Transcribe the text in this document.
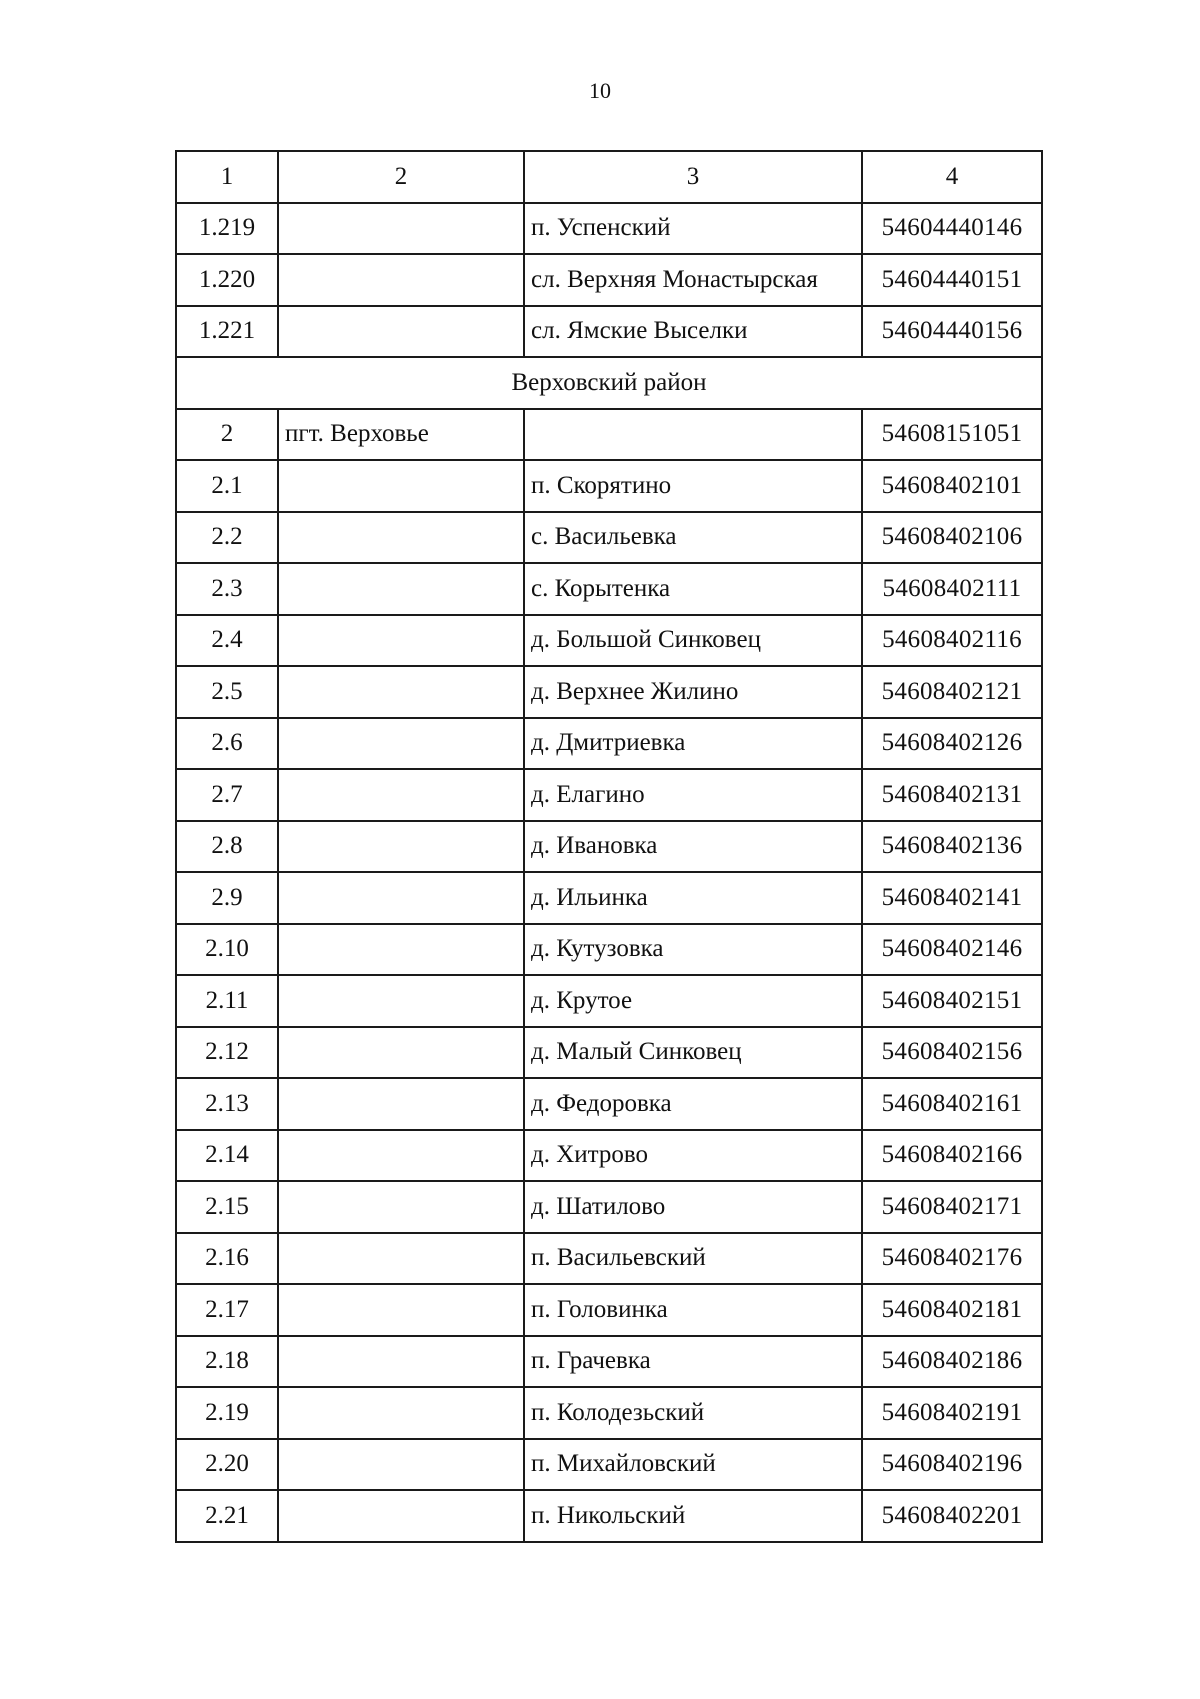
10
1	2	3	4
1.219		п. Успенский	54604440146
1.220		сл. Верхняя Монастырская	54604440151
1.221		сл. Ямские Выселки	54604440156
Верховский район			
2	пгт. Верховье		54608151051
2.1		п. Скорятино	54608402101
2.2		с. Васильевка	54608402106
2.3		с. Корытенка	54608402111
2.4		д. Большой Синковец	54608402116
2.5		д. Верхнее Жилино	54608402121
2.6		д. Дмитриевка	54608402126
2.7		д. Елагино	54608402131
2.8		д. Ивановка	54608402136
2.9		д. Ильинка	54608402141
2.10		д. Кутузовка	54608402146
2.11		д. Крутое	54608402151
2.12		д. Малый Синковец	54608402156
2.13		д. Федоровка	54608402161
2.14		д. Хитрово	54608402166
2.15		д. Шатилово	54608402171
2.16		п. Васильевский	54608402176
2.17		п. Головинка	54608402181
2.18		п. Грачевка	54608402186
2.19		п. Колодезьский	54608402191
2.20		п. Михайловский	54608402196
2.21		п. Никольский	54608402201
